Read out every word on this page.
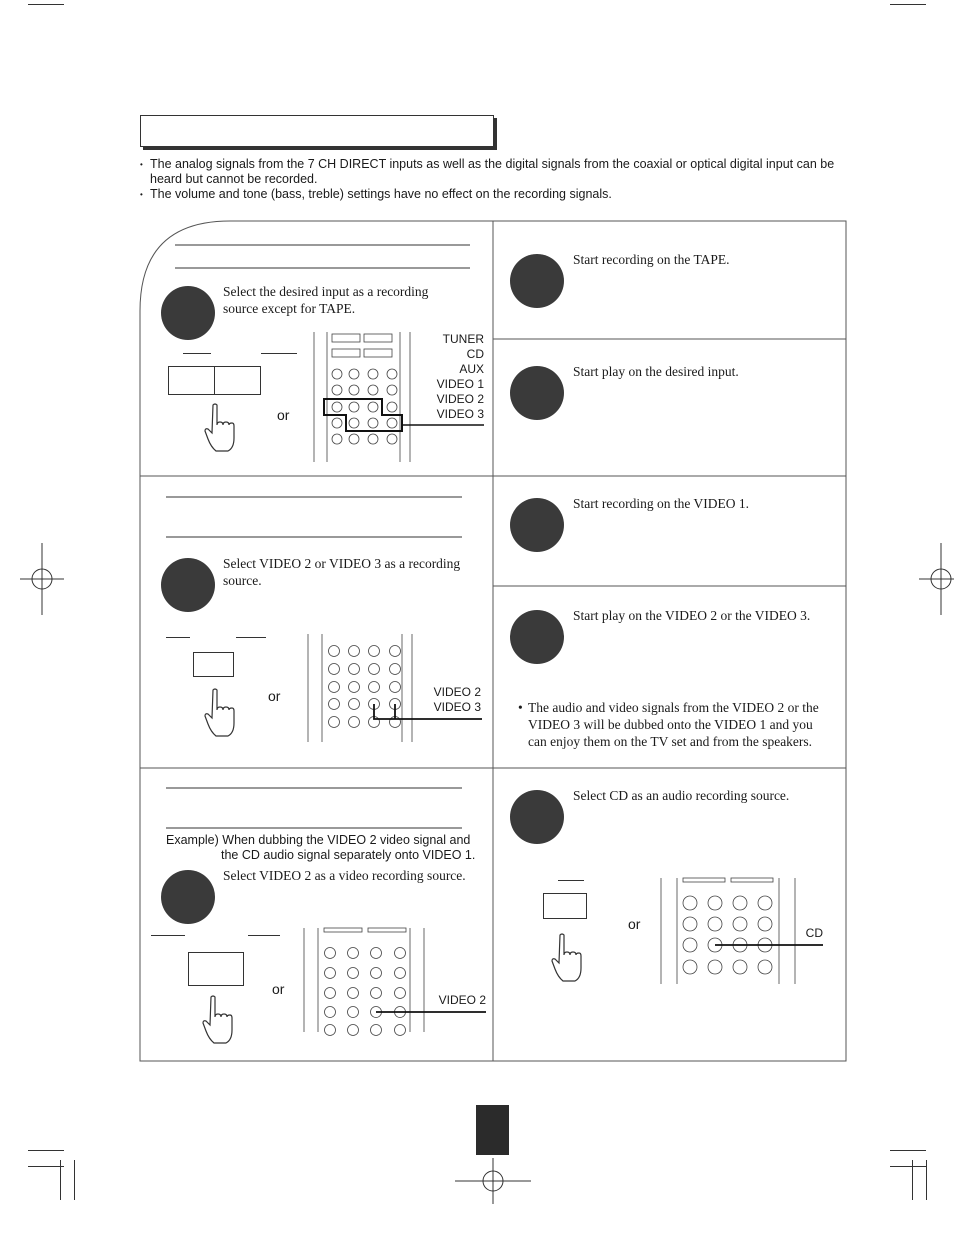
• The analog signals from the 7 CH DIRECT inputs as well as the digital signals from the coaxial or optical digital input can be heard but cannot be recorded.
• The volume and tone (bass, treble) settings have no effect on the recording signals.
Select the desired input as a recording source except for TAPE.
or
TUNER
CD
AUX
VIDEO 1
VIDEO 2
VIDEO 3
Start recording on the TAPE.
Start play on the desired input.
Select VIDEO 2 or VIDEO 3 as a recording source.
or	VIDEO 2
VIDEO 3
Start recording on the VIDEO 1.
Start play on the VIDEO 2 or the VIDEO 3.
• The audio and video signals from the VIDEO 2 or the VIDEO 3 will be dubbed onto the VIDEO 1 and you can enjoy them on the TV set and from the speakers.
Example) When dubbing the VIDEO 2 video signal and
the CD audio signal separately onto VIDEO 1.
Select VIDEO 2 as a video recording source.
or
VIDEO 2
Select CD as an audio recording source.
or
CD
